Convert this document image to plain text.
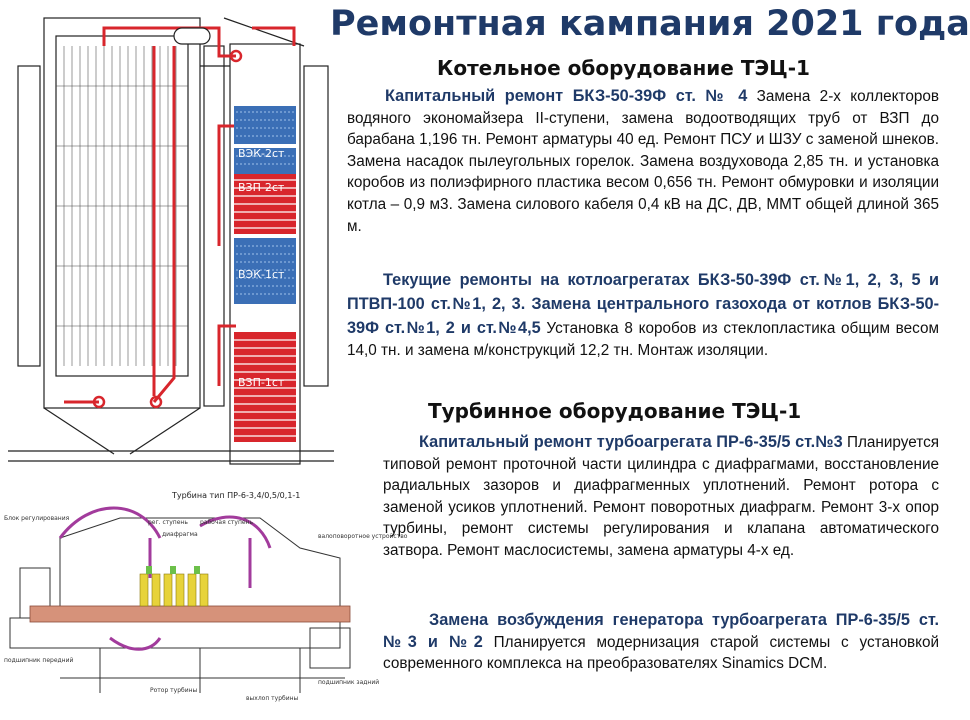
Ремонтная кампания 2021 года
ВЭК-2ст
ВЗП-2ст
ВЭК-1ст
ВЗП-1ст
Турбина тип ПР-6-3,4/0,5/0,1-1
Блок регулирования
рег. ступень рабочая ступень
диафрагма	валоповоротное устройство
подшипник передний
Ротор турбины
подшипник задний
выхлоп турбины
Котельное оборудование ТЭЦ-1
Капитальный ремонт БКЗ-50-39Ф ст. № 4 Замена 2-х коллекторов водяного экономайзера II-ступени, замена водоотводящих труб от ВЗП до барабана 1,196 тн. Ремонт арматуры 40 ед. Ремонт ПСУ и ШЗУ с заменой шнеков. Замена насадок пылеугольных горелок. Замена воздуховода 2,85 тн. и установка коробов из полиэфирного пластика весом 0,656 тн. Ремонт обмуровки и изоляции котла – 0,9 м3. Замена силового кабеля 0,4 кВ на ДС, ДВ, ММТ общей длиной 365 м.
Текущие ремонты на котлоагрегатах БКЗ-50-39Ф ст.№1, 2, 3, 5 и ПТВП-100 ст.№1, 2, 3. Замена центрального газохода от котлов БКЗ-50-39Ф ст.№1, 2 и ст.№4,5 Установка 8 коробов из стеклопластика общим весом 14,0 тн. и замена м/конструкций 12,2 тн. Монтаж изоляции.
Турбинное оборудование ТЭЦ-1
Капитальный ремонт турбоагрегата ПР-6-35/5 ст.№3 Планируется типовой ремонт проточной части цилиндра с диафрагмами, восстановление радиальных зазоров и диафрагменных уплотнений. Ремонт ротора с заменой усиков уплотнений. Ремонт поворотных диафрагм. Ремонт 3-х опор турбины, ремонт системы регулирования и клапана автоматического затвора. Ремонт маслосистемы, замена арматуры 4-х ед.
Замена возбуждения генератора турбоагрегата ПР-6-35/5 ст.№3 и №2 Планируется модернизация старой системы с установкой современного комплекса на преобразователях Sinamics DCM.
